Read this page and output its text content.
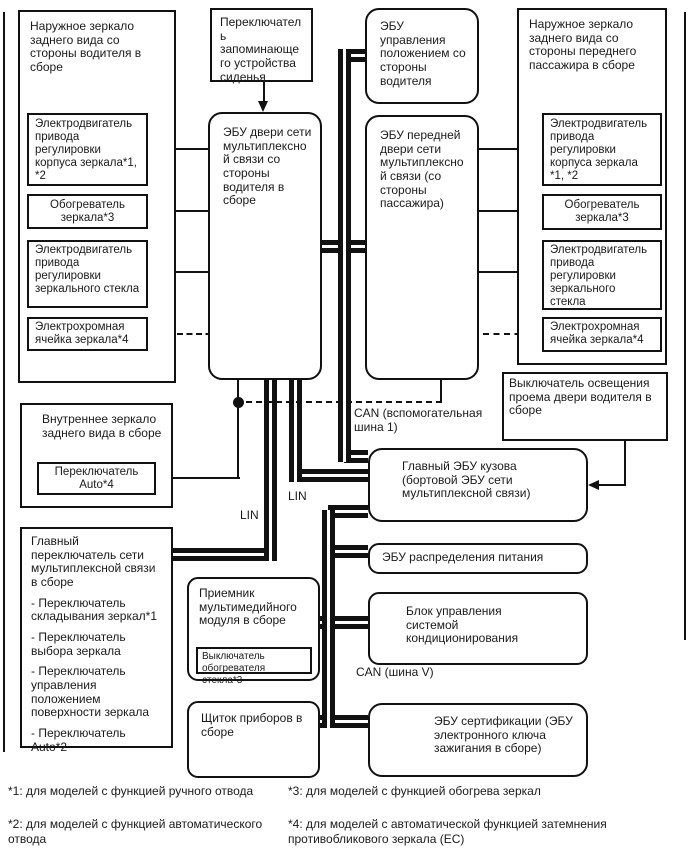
Наружное зеркало заднего вида со стороны водителя в сборе
Электродвигатель привода регулировки корпуса зеркала*1, *2
Обогреватель зеркала*3
Электродвигатель привода регулировки зеркального стекла
Электрохромная ячейка зеркала*4
Переключатель запоминающего устройства сиденья
ЭБУ двери сети мультиплексной связи со стороны водителя в сборе
ЭБУ управления положением со стороны водителя
ЭБУ передней двери сети мультиплексной связи (со стороны пассажира)
Наружное зеркало заднего вида со стороны переднего пассажира в сборе
Электродвигатель привода регулировки корпуса зеркала *1, *2
Обогреватель зеркала*3
Электродвигатель привода регулировки зеркального стекла
Электрохромная ячейка зеркала*4
Выключатель освещения проема двери водителя в сборе
Внутреннее зеркало заднего вида в сборе
Переключатель Auto*4
Главный переключатель сети мультиплексной связи в сборе
- Переключатель складывания зеркал*1
- Переключатель выбора зеркала
- Переключатель управления положением поверхности зеркала
- Переключатель Auto*2
Приемник мультимедийного модуля в сборе
Выключатель обогревателя стекла*3
Щиток приборов в сборе
Главный ЭБУ кузова (бортовой ЭБУ сети мультиплексной связи)
ЭБУ распределения питания
Блок управления системой кондиционирования
ЭБУ сертификации (ЭБУ электронного ключа зажигания в сборе)
CAN (вспомогательная шина 1)
LIN
LIN
CAN (шина V)
*1: для моделей с функцией ручного отвода
*2: для моделей с функцией автоматического отвода
*3: для моделей с функцией обогрева зеркал
*4: для моделей с автоматической функцией затемнения противобликового зеркала (EC)
